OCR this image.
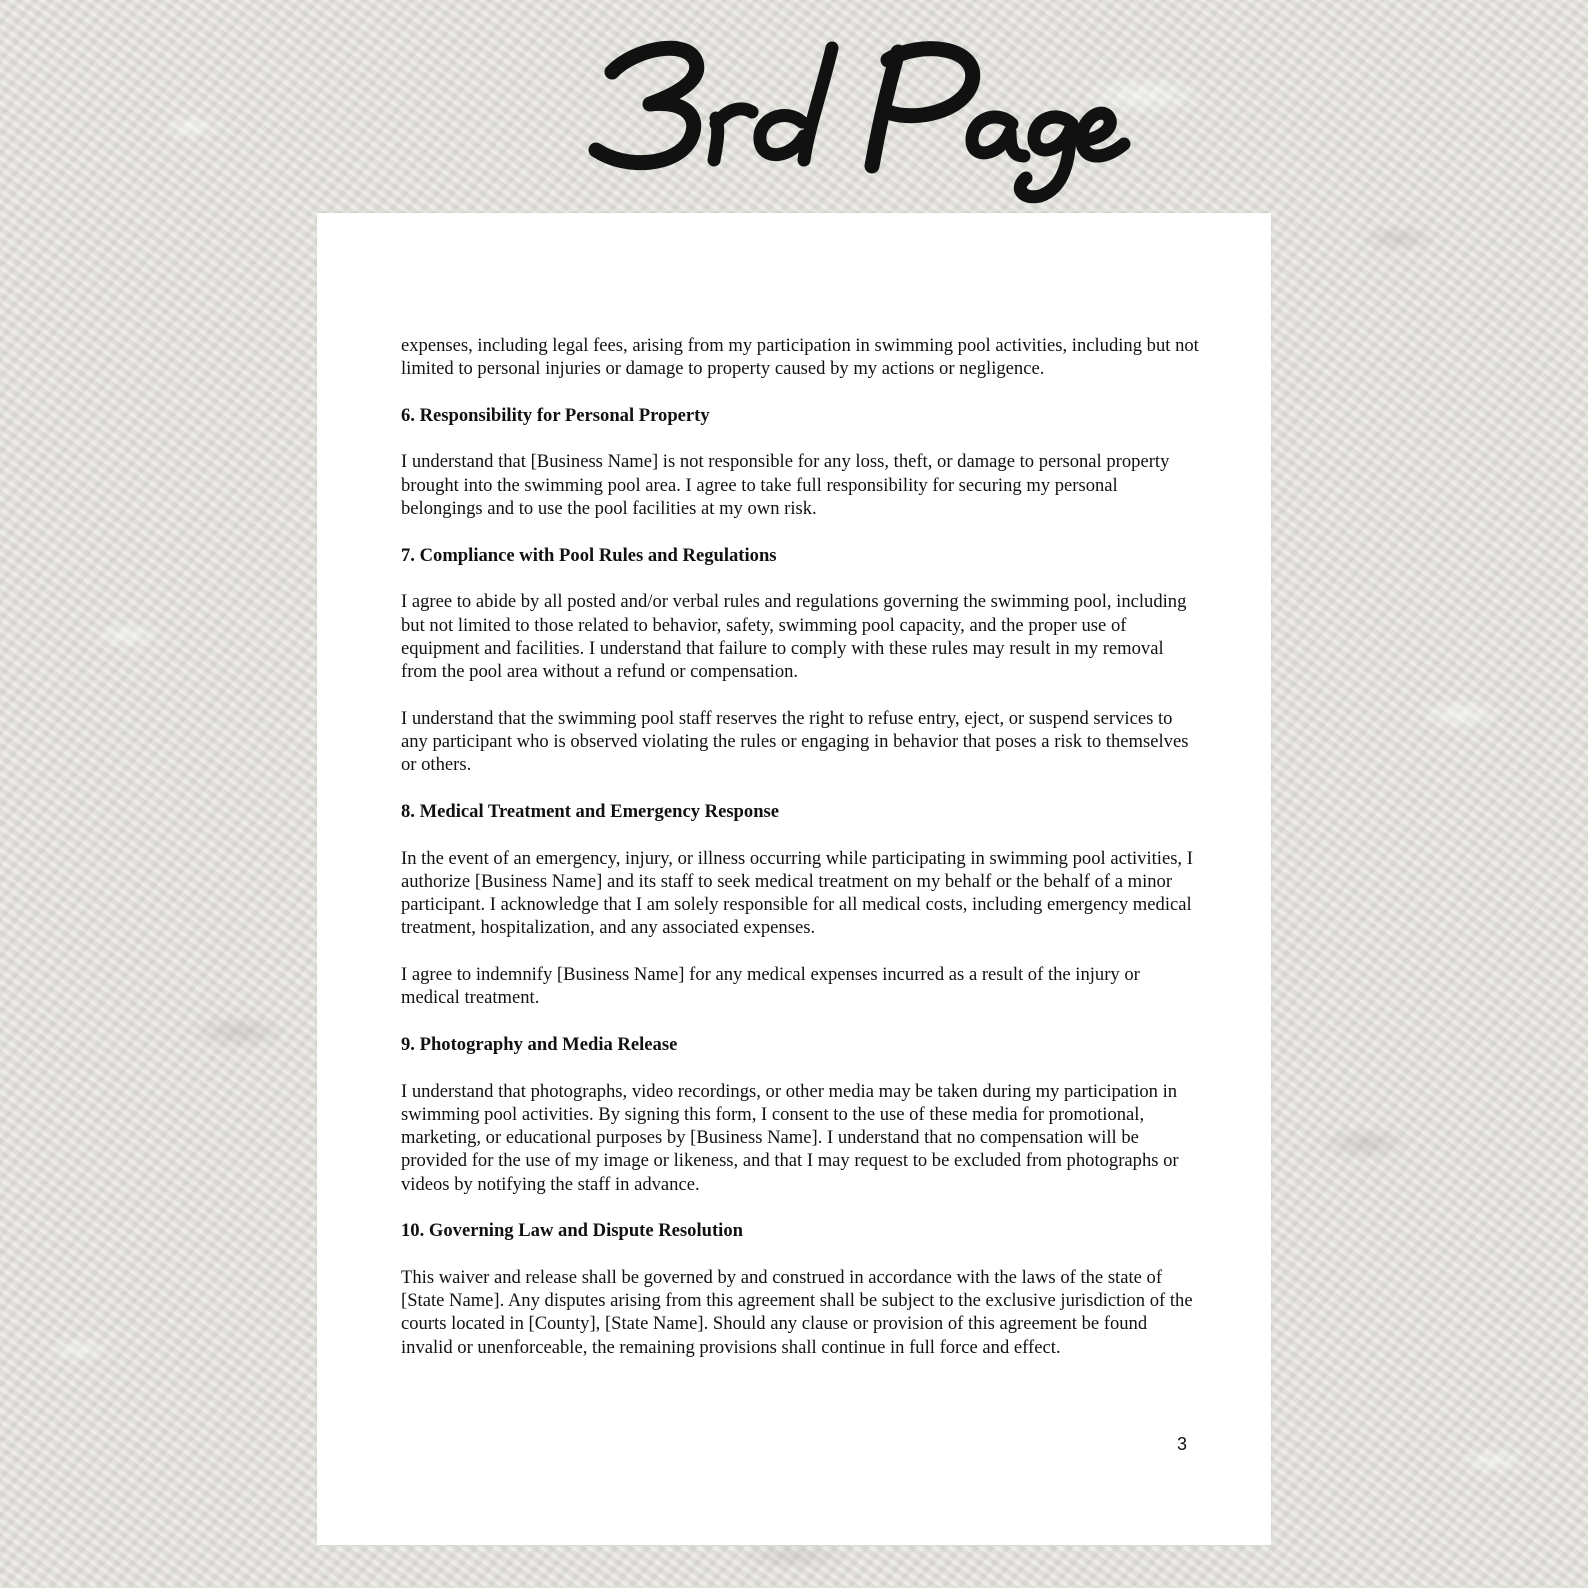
expenses, including legal fees, arising from my participation in swimming pool activities, including but not limited to personal injuries or damage to property caused by my actions or negligence.

6. Responsibility for Personal Property

I understand that [Business Name] is not responsible for any loss, theft, or damage to personal property brought into the swimming pool area. I agree to take full responsibility for securing my personal belongings and to use the pool facilities at my own risk.

7. Compliance with Pool Rules and Regulations

I agree to abide by all posted and/or verbal rules and regulations governing the swimming pool, including but not limited to those related to behavior, safety, swimming pool capacity, and the proper use of equipment and facilities. I understand that failure to comply with these rules may result in my removal from the pool area without a refund or compensation.

I understand that the swimming pool staff reserves the right to refuse entry, eject, or suspend services to any participant who is observed violating the rules or engaging in behavior that poses a risk to themselves or others.

8. Medical Treatment and Emergency Response

In the event of an emergency, injury, or illness occurring while participating in swimming pool activities, I authorize [Business Name] and its staff to seek medical treatment on my behalf or the behalf of a minor participant. I acknowledge that I am solely responsible for all medical costs, including emergency medical treatment, hospitalization, and any associated expenses.

I agree to indemnify [Business Name] for any medical expenses incurred as a result of the injury or medical treatment.

9. Photography and Media Release

I understand that photographs, video recordings, or other media may be taken during my participation in swimming pool activities. By signing this form, I consent to the use of these media for promotional, marketing, or educational purposes by [Business Name]. I understand that no compensation will be provided for the use of my image or likeness, and that I may request to be excluded from photographs or videos by notifying the staff in advance.

10. Governing Law and Dispute Resolution

This waiver and release shall be governed by and construed in accordance with the laws of the state of [State Name]. Any disputes arising from this agreement shall be subject to the exclusive jurisdiction of the courts located in [County], [State Name]. Should any clause or provision of this agreement be found invalid or unenforceable, the remaining provisions shall continue in full force and effect.

3
